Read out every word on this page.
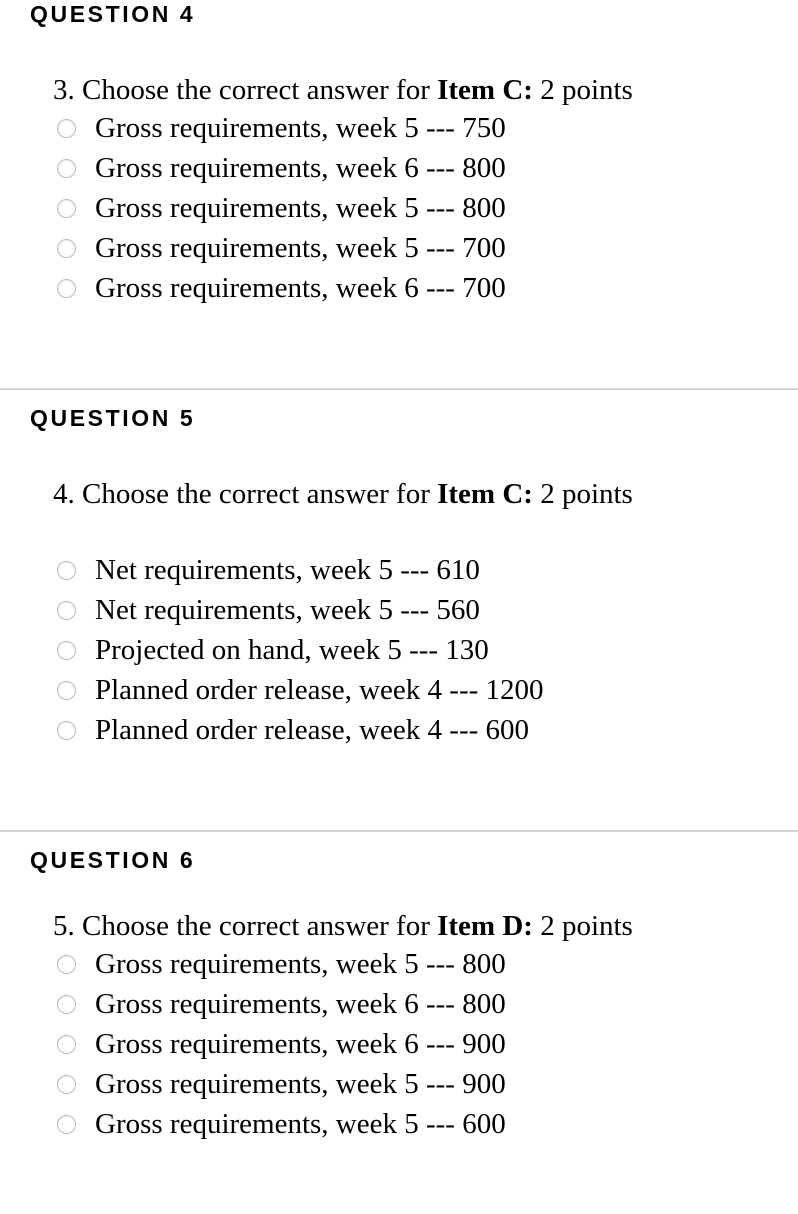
QUESTION 4

3. Choose the correct answer for Item C: 2 points

Gross requirements, week 5 --- 750
Gross requirements, week 6 --- 800
Gross requirements, week 5 --- 800
Gross requirements, week 5 --- 700
Gross requirements, week 6 --- 700
QUESTION 5

4. Choose the correct answer for Item C: 2 points

Net requirements, week 5 --- 610
Net requirements, week 5 --- 560
Projected on hand, week 5 --- 130
Planned order release, week 4 --- 1200
Planned order release, week 4 --- 600
QUESTION 6

5. Choose the correct answer for Item D: 2 points

Gross requirements, week 5 --- 800
Gross requirements, week 6 --- 800
Gross requirements, week 6 --- 900
Gross requirements, week 5 --- 900
Gross requirements, week 5 --- 600
